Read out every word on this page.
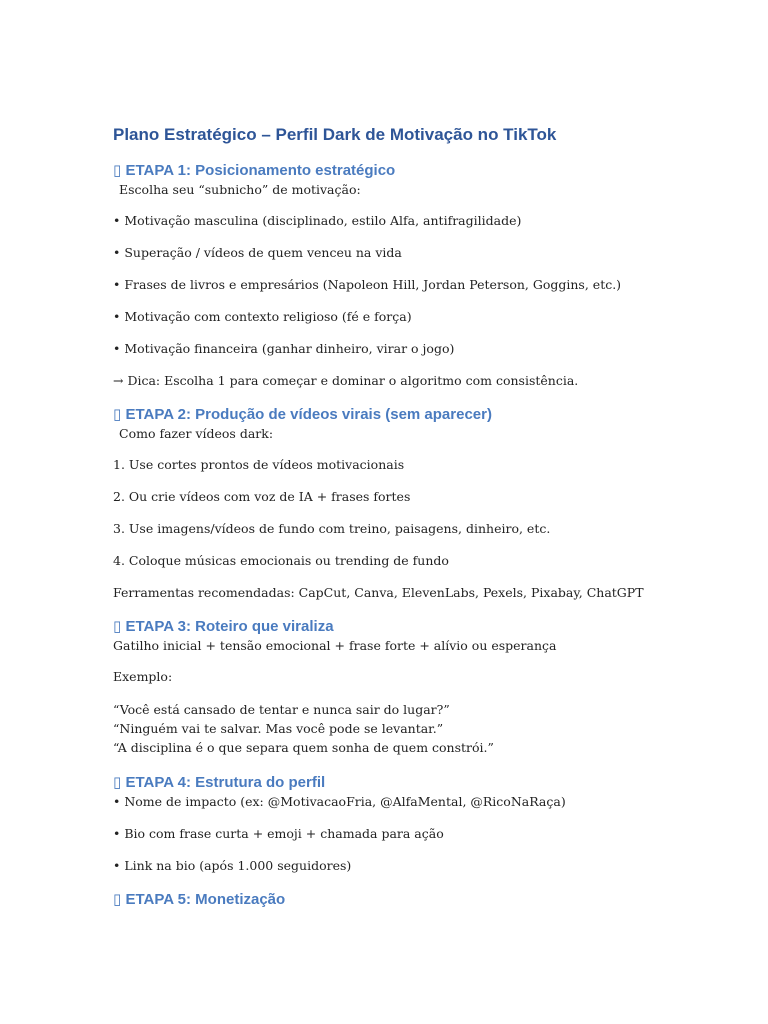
Plano Estratégico – Perfil Dark de Motivação no TikTok
▯ ETAPA 1: Posicionamento estratégico

Escolha seu “subnicho” de motivação:

• Motivação masculina (disciplinado, estilo Alfa, antifragilidade)

• Superação / vídeos de quem venceu na vida

• Frases de livros e empresários (Napoleon Hill, Jordan Peterson, Goggins, etc.)

• Motivação com contexto religioso (fé e força)

• Motivação financeira (ganhar dinheiro, virar o jogo)

→ Dica: Escolha 1 para começar e dominar o algoritmo com consistência.

▯ ETAPA 2: Produção de vídeos virais (sem aparecer)

Como fazer vídeos dark:

1. Use cortes prontos de vídeos motivacionais

2. Ou crie vídeos com voz de IA + frases fortes

3. Use imagens/vídeos de fundo com treino, paisagens, dinheiro, etc.

4. Coloque músicas emocionais ou trending de fundo

Ferramentas recomendadas: CapCut, Canva, ElevenLabs, Pexels, Pixabay, ChatGPT

▯ ETAPA 3: Roteiro que viraliza

Gatilho inicial + tensão emocional + frase forte + alívio ou esperança

Exemplo:

“Você está cansado de tentar e nunca sair do lugar?”
“Ninguém vai te salvar. Mas você pode se levantar.”
“A disciplina é o que separa quem sonha de quem constrói.”
▯ ETAPA 4: Estrutura do perfil

• Nome de impacto (ex: @MotivacaoFria, @AlfaMental, @RicoNaRaça)

• Bio com frase curta + emoji + chamada para ação

• Link na bio (após 1.000 seguidores)

▯ ETAPA 5: Monetização
